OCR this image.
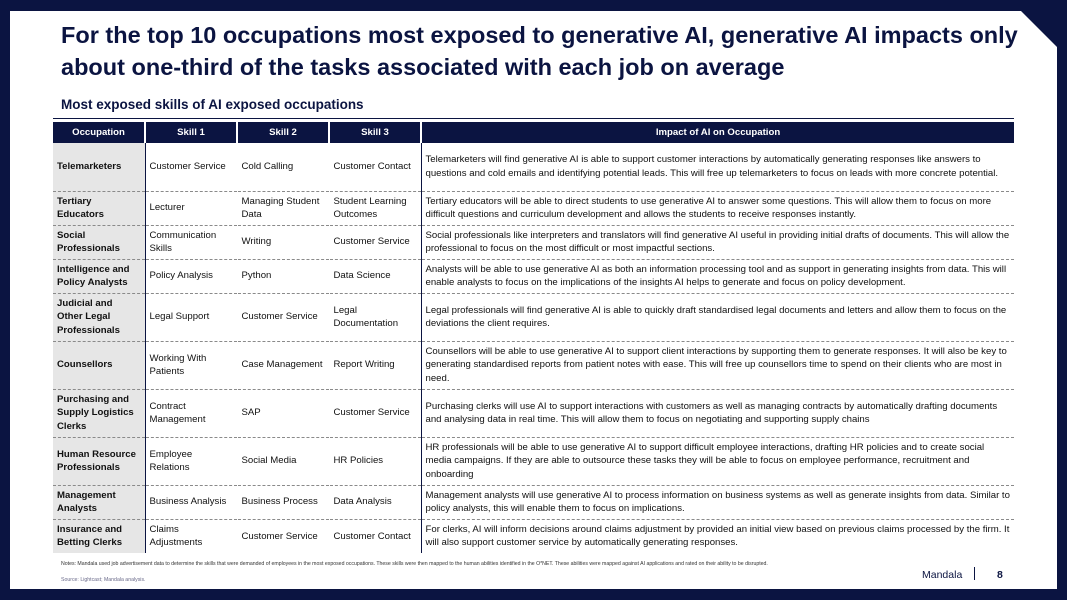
For the top 10 occupations most exposed to generative AI, generative AI impacts only about one-third of the tasks associated with each job on average
Most exposed skills of AI exposed occupations
Occupation	Skill 1	Skill 2	Skill 3	Impact of AI on Occupation
Telemarketers	Customer Service	Cold Calling	Customer Contact	Telemarketers will find generative AI is able to support customer interactions by automatically generating responses like answers to questions and cold emails and identifying potential leads. This will free up telemarketers to focus on leads with more concrete potential.
Tertiary Educators	Lecturer	Managing Student Data	Student Learning Outcomes	Tertiary educators will be able to direct students to use generative AI to answer some questions. This will allow them to focus on more difficult questions and curriculum development and allows the students to receive responses instantly.
Social Professionals	Communication Skills	Writing	Customer Service	Social professionals like interpreters and translators will find generative AI useful in providing initial drafts of documents. This will allow the professional to focus on the most difficult or most impactful sections.
Intelligence and Policy Analysts	Policy Analysis	Python	Data Science	Analysts will be able to use generative AI as both an information processing tool and as support in generating insights from data. This will enable analysts to focus on the implications of the insights AI helps to generate and focus on policy development.
Judicial and Other Legal Professionals	Legal Support	Customer Service	Legal Documentation	Legal professionals will find generative AI is able to quickly draft standardised legal documents and letters and allow them to focus on the deviations the client requires.
Counsellors	Working With Patients	Case Management	Report Writing	Counsellors will be able to use generative AI to support client interactions by supporting them to generate responses. It will also be key to generating standardised reports from patient notes with ease. This will free up counsellors time to spend on their clients who are most in need.
Purchasing and Supply Logistics Clerks	Contract Management	SAP	Customer Service	Purchasing clerks will use AI to support interactions with customers as well as managing contracts by automatically drafting documents and analysing data in real time. This will allow them to focus on negotiating and supporting supply chains
Human Resource Professionals	Employee Relations	Social Media	HR Policies	HR professionals will be able to use generative AI to support difficult employee interactions, drafting HR policies and to create social media campaigns. If they are able to outsource these tasks they will be able to focus on employee performance, recruitment and onboarding
Management Analysts	Business Analysis	Business Process	Data Analysis	Management analysts will use generative AI to process information on business systems as well as generate insights from data. Similar to policy analysts, this will enable them to focus on implications.
Insurance and Betting Clerks	Claims Adjustments	Customer Service	Customer Contact	For clerks, AI will inform decisions around claims adjustment by provided an initial view based on previous claims processed by the firm. It will also support customer service by automatically generating responses.
Notes: Mandala used job advertisement data to determine the skills that were demanded of employees in the most exposed occupations. These skills were then mapped to the human abilities identified in the O*NET. These abilities were mapped against AI applications and rated on their ability to be disrupted.
Source: Lightcast; Mandala analysis.	Mandala	8
